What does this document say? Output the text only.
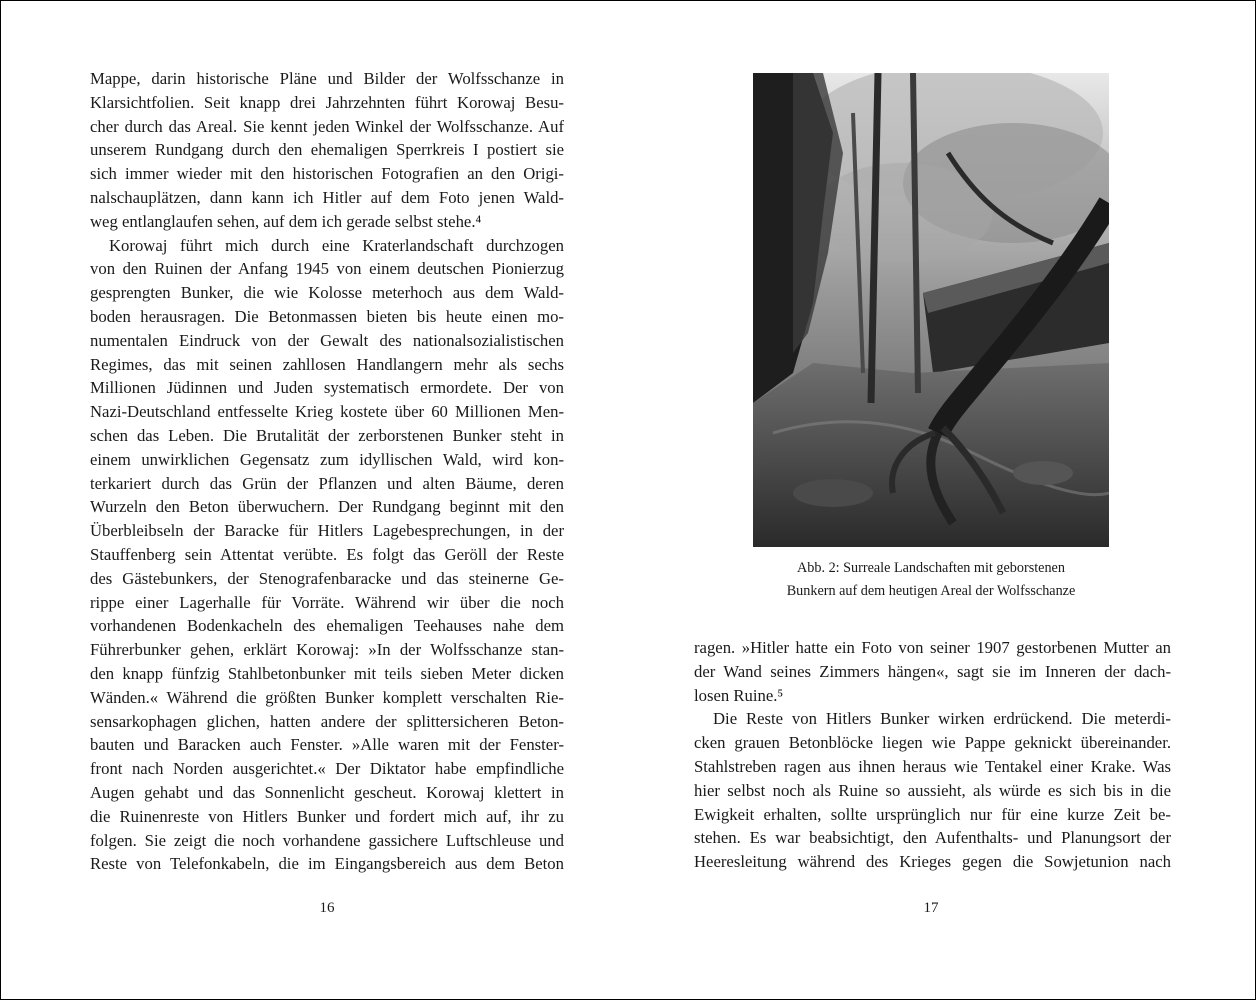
Mappe, darin historische Pläne und Bilder der Wolfsschanze in
Klarsichtfolien. Seit knapp drei Jahrzehnten führt Korowaj Besu-
cher durch das Areal. Sie kennt jeden Winkel der Wolfsschanze. Auf
unserem Rundgang durch den ehemaligen Sperrkreis I postiert sie
sich immer wieder mit den historischen Fotografien an den Origi-
nalschauplätzen, dann kann ich Hitler auf dem Foto jenen Wald-
weg entlanglaufen sehen, auf dem ich gerade selbst stehe.⁴
Korowaj führt mich durch eine Kraterlandschaft durchzogen
von den Ruinen der Anfang 1945 von einem deutschen Pionierzug
gesprengten Bunker, die wie Kolosse meterhoch aus dem Wald-
boden herausragen. Die Betonmassen bieten bis heute einen mo-
numentalen Eindruck von der Gewalt des nationalsozialistischen
Regimes, das mit seinen zahllosen Handlangern mehr als sechs
Millionen Jüdinnen und Juden systematisch ermordete. Der von
Nazi-Deutschland entfesselte Krieg kostete über 60 Millionen Men-
schen das Leben. Die Brutalität der zerborstenen Bunker steht in
einem unwirklichen Gegensatz zum idyllischen Wald, wird kon-
terkariert durch das Grün der Pflanzen und alten Bäume, deren
Wurzeln den Beton überwuchern. Der Rundgang beginnt mit den
Überbleibseln der Baracke für Hitlers Lagebesprechungen, in der
Stauffenberg sein Attentat verübte. Es folgt das Geröll der Reste
des Gästebunkers, der Stenografenbaracke und das steinerne Ge-
rippe einer Lagerhalle für Vorräte. Während wir über die noch
vorhandenen Bodenkacheln des ehemaligen Teehauses nahe dem
Führerbunker gehen, erklärt Korowaj: »In der Wolfsschanze stan-
den knapp fünfzig Stahlbetonbunker mit teils sieben Meter dicken
Wänden.« Während die größten Bunker komplett verschalten Rie-
sensarkophagen glichen, hatten andere der splittersicheren Beton-
bauten und Baracken auch Fenster. »Alle waren mit der Fenster-
front nach Norden ausgerichtet.« Der Diktator habe empfindliche
Augen gehabt und das Sonnenlicht gescheut. Korowaj klettert in
die Ruinenreste von Hitlers Bunker und fordert mich auf, ihr zu
folgen. Sie zeigt die noch vorhandene gassichere Luftschleuse und
Reste von Telefonkabeln, die im Eingangsbereich aus dem Beton
16
Abb. 2: Surreale Landschaften mit geborstenen
Bunkern auf dem heutigen Areal der Wolfsschanze
ragen. »Hitler hatte ein Foto von seiner 1907 gestorbenen Mutter an
der Wand seines Zimmers hängen«, sagt sie im Inneren der dach-
losen Ruine.⁵
Die Reste von Hitlers Bunker wirken erdrückend. Die meterdi-
cken grauen Betonblöcke liegen wie Pappe geknickt übereinander.
Stahlstreben ragen aus ihnen heraus wie Tentakel einer Krake. Was
hier selbst noch als Ruine so aussieht, als würde es sich bis in die
Ewigkeit erhalten, sollte ursprünglich nur für eine kurze Zeit be-
stehen. Es war beabsichtigt, den Aufenthalts- und Planungsort der
Heeresleitung während des Krieges gegen die Sowjetunion nach
17
